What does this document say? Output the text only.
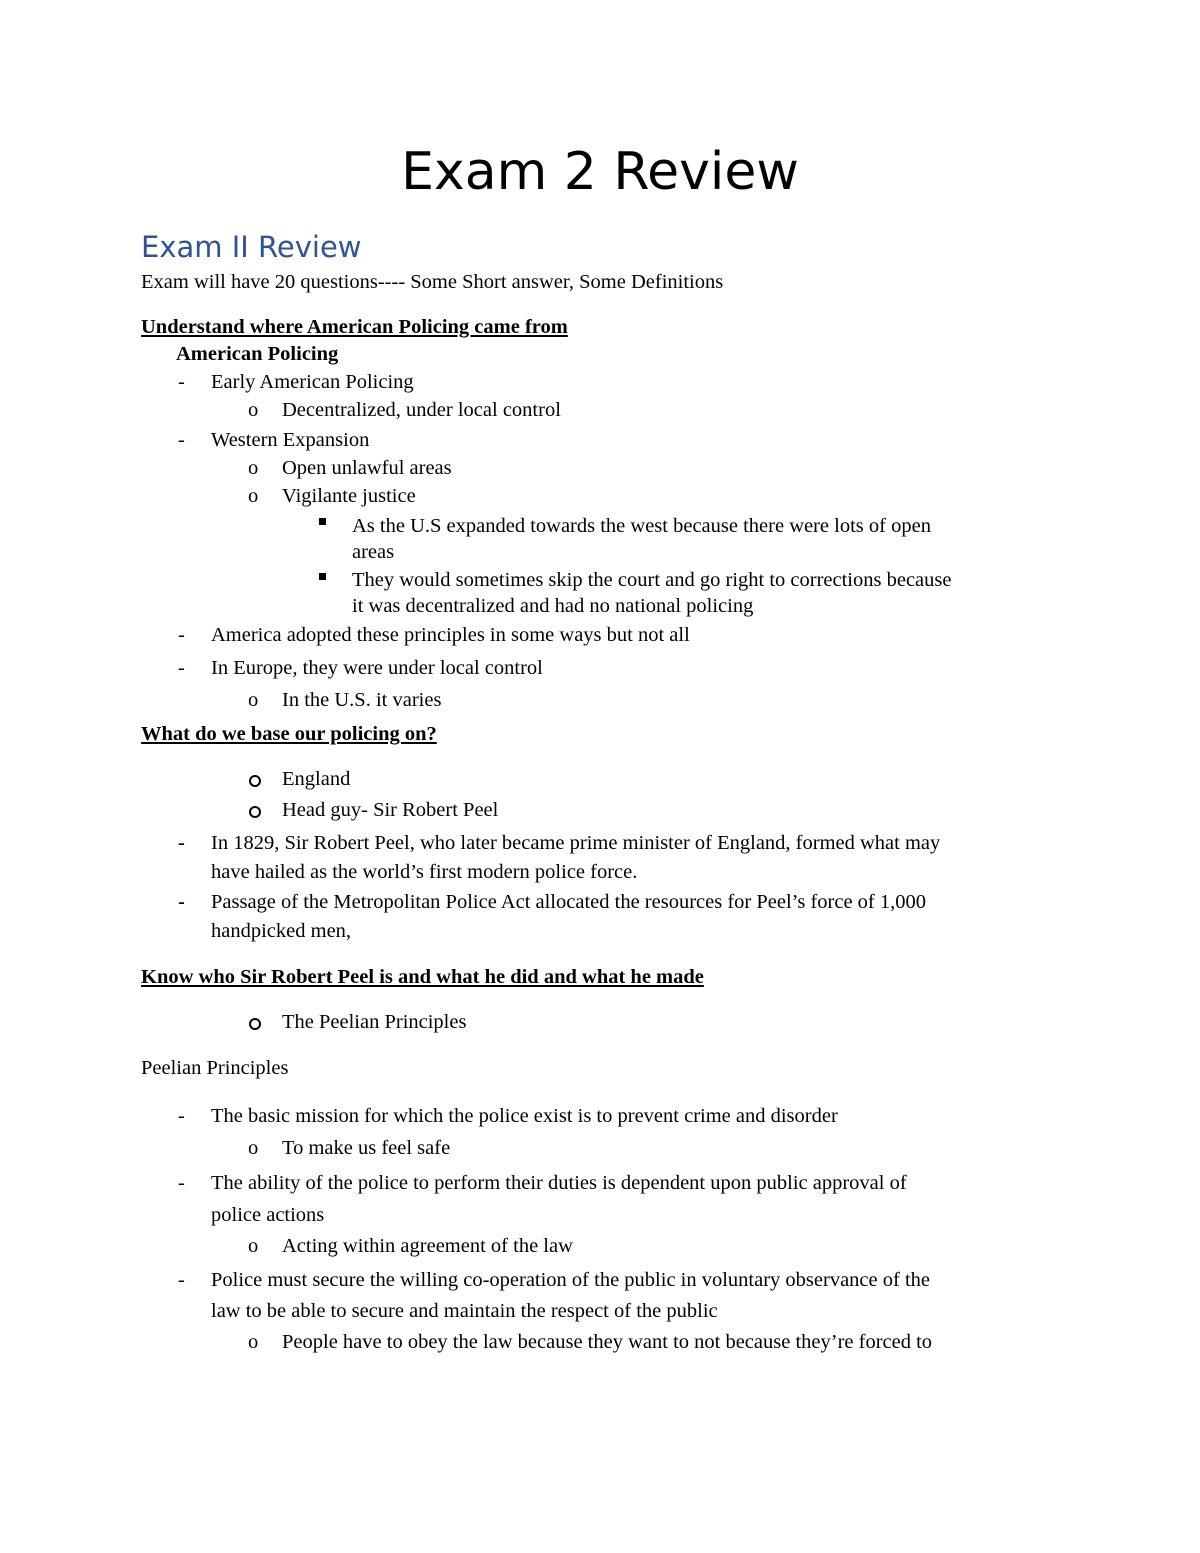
Exam 2 Review
Exam II Review
Exam will have 20 questions---- Some Short answer, Some Definitions
Understand where American Policing came from
American Policing
- Early American Policing
o Decentralized, under local control
- Western Expansion
o Open unlawful areas
o Vigilante justice
As the U.S expanded towards the west because there were lots of open
areas
They would sometimes skip the court and go right to corrections because
it was decentralized and had no national policing
- America adopted these principles in some ways but not all
- In Europe, they were under local control
o In the U.S. it varies
What do we base our policing on?
England
Head guy- Sir Robert Peel
- In 1829, Sir Robert Peel, who later became prime minister of England, formed what may
have hailed as the world’s first modern police force.
- Passage of the Metropolitan Police Act allocated the resources for Peel’s force of 1,000
handpicked men,
Know who Sir Robert Peel is and what he did and what he made
The Peelian Principles
Peelian Principles
- The basic mission for which the police exist is to prevent crime and disorder
o To make us feel safe
- The ability of the police to perform their duties is dependent upon public approval of
police actions
o Acting within agreement of the law
- Police must secure the willing co-operation of the public in voluntary observance of the
law to be able to secure and maintain the respect of the public
o People have to obey the law because they want to not because they’re forced to
